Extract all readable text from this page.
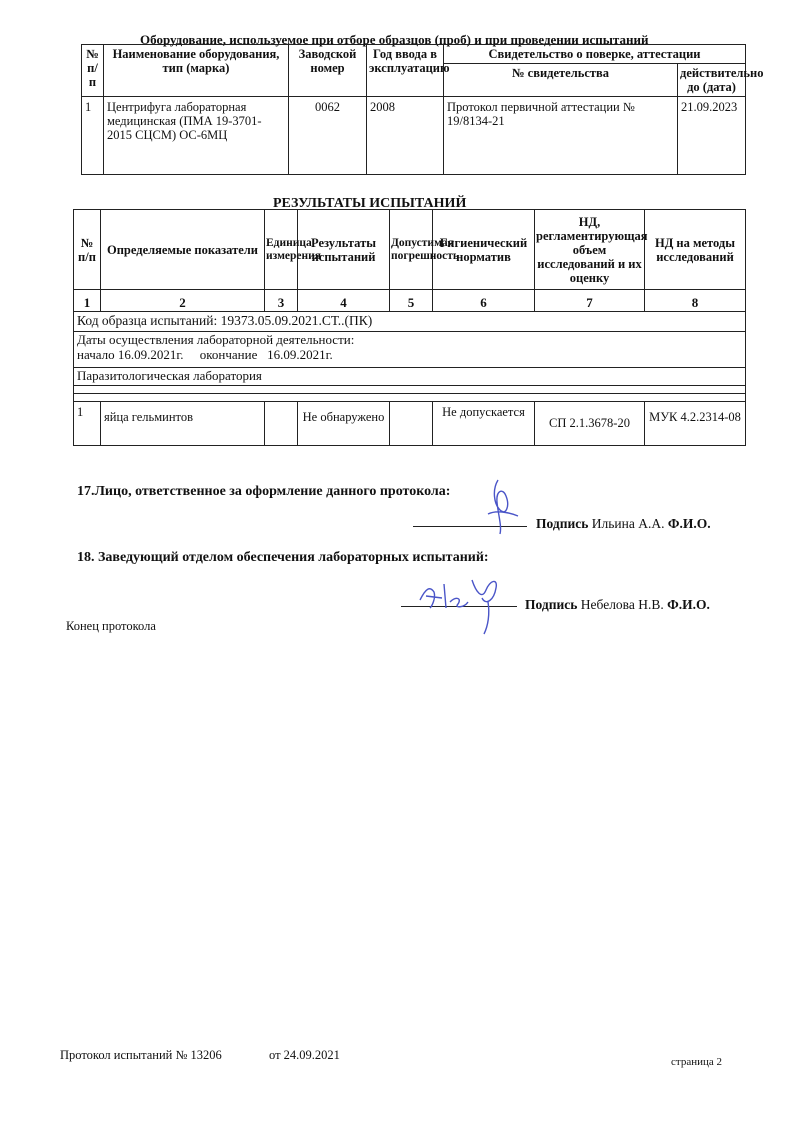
Оборудование, используемое при отборе образцов (проб) и при проведении испытаний
№ п/п	Наименование оборудования, тип (марка)	Заводской номер	Год ввода в эксплуатацию	Свидетельство о поверке, аттестации	
				№ свидетельства	действительно до (дата)
1	Центрифуга лабораторная медицинская (ПМА 19-3701-2015 СЦСМ) ОС-6МЦ	0062	2008	Протокол первичной аттестации № 19/8134-21	21.09.2023
РЕЗУЛЬТАТЫ ИСПЫТАНИЙ
№ п/п	Определяемые показатели	Единица измерения	Результаты испытаний	Допустимая погрешность	Гигиенический норматив	НД, регламентирующая объем исследований и их оценку	НД на методы исследований
1	2	3	4	5	6	7	8
Код образца испытаний: 19373.05.09.2021.СТ..(ПК)							

Даты осуществления лабораторной деятельности:
начало 16.09.2021г.     окончание   16.09.2021г.							

Паразитологическая лаборатория							

1	яйца гельминтов		Не обнаружено		Не допускается	СП 2.1.3678-20	МУК 4.2.2314-08
17.Лицо, ответственное за оформление данного протокола:
Подпись Ильина А.А. Ф.И.О.
18. Заведующий отделом обеспечения лабораторных испытаний:
Подпись Небелова Н.В. Ф.И.О.
Конец протокола
Протокол испытаний № 13206	от 24.09.2021	страница 2
